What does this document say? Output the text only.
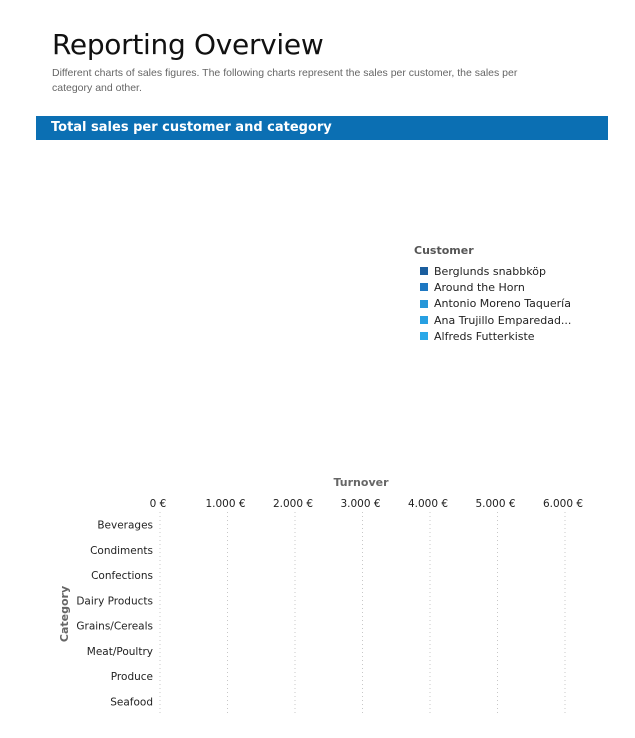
Reporting Overview

Different charts of sales figures. The following charts represent the sales per customer, the sales per category and other.

Total sales per customer and category
Customer
Berglunds snabbköp
Around the Horn
Antonio Moreno Taquería
Ana Trujillo Emparedad...
Alfreds Futterkiste
Turnover
Category
0 €	1.000 €	2.000 €	3.000 €	4.000 €	5.000 €	6.000 €
Beverages
Condiments
Confections
Dairy Products
Grains/Cereals
Meat/Poultry
Produce
Seafood
